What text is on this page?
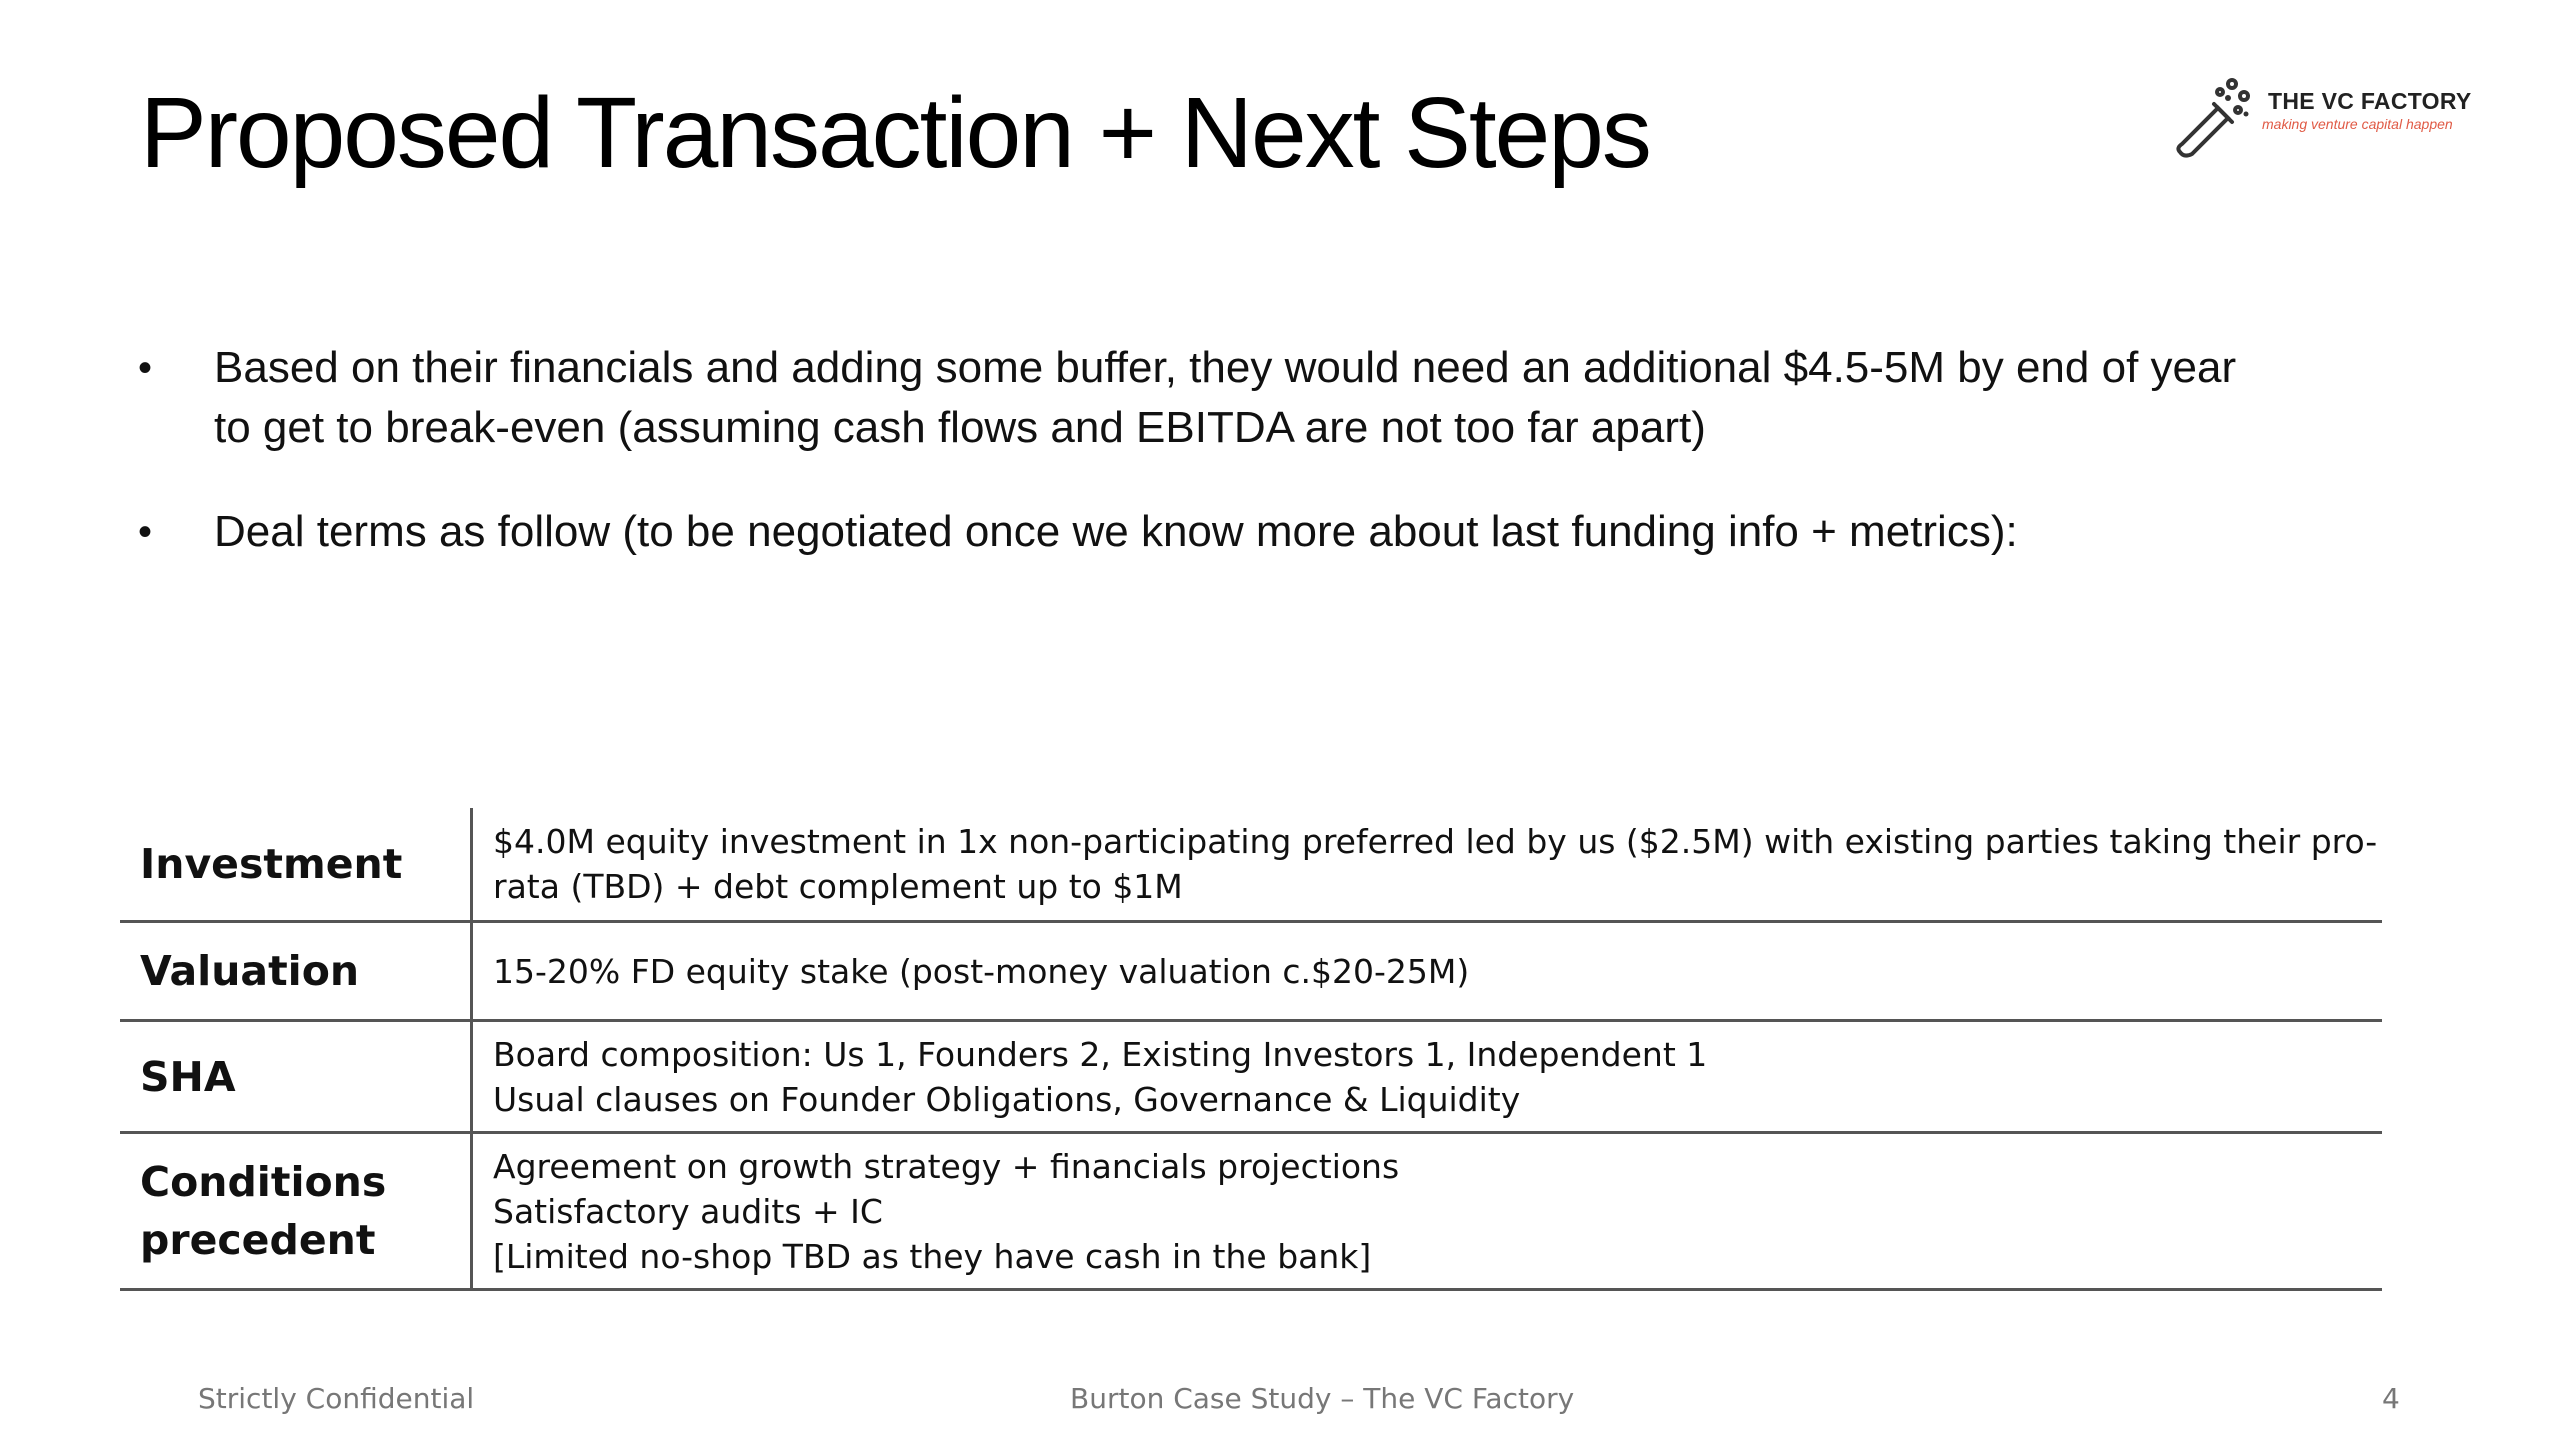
Proposed Transaction + Next Steps	THE VC FACTORY
making venture capital happen
• Based on their financials and adding some buffer, they would need an additional $4.5-5M by end of year to get to break-even (assuming cash flows and EBITDA are not too far apart)
• Deal terms as follow (to be negotiated once we know more about last funding info + metrics):
Investment	$4.0M equity investment in 1x non-participating preferred led by us ($2.5M) with existing parties taking their pro-rata (TBD) + debt complement up to $1M

Valuation	15-20% FD equity stake (post-money valuation c.$20-25M)

SHA	Board composition: Us 1, Founders 2, Existing Investors 1, Independent 1
Usual clauses on Founder Obligations, Governance & Liquidity

Conditions precedent	Agreement on growth strategy + financials projections
Satisfactory audits + IC
[Limited no-shop TBD as they have cash in the bank]
Strictly Confidential	Burton Case Study – The VC Factory	4
